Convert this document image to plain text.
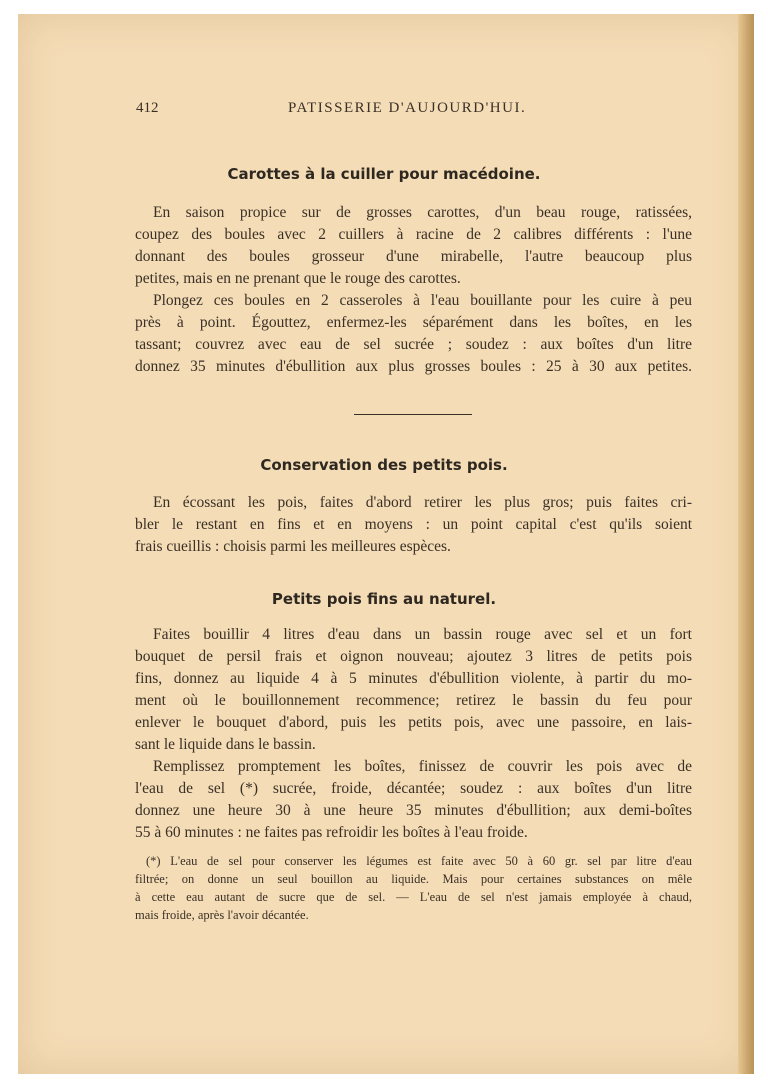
412	PATISSERIE D'AUJOURD'HUI.
Carottes à la cuiller pour macédoine.
En saison propice sur de grosses carottes, d'un beau rouge, ratissées,
coupez des boules avec 2 cuillers à racine de 2 calibres différents : l'une
donnant des boules grosseur d'une mirabelle, l'autre beaucoup plus
petites, mais en ne prenant que le rouge des carottes.
Plongez ces boules en 2 casseroles à l'eau bouillante pour les cuire à peu
près à point. Égouttez, enfermez-les séparément dans les boîtes, en les
tassant; couvrez avec eau de sel sucrée ; soudez : aux boîtes d'un litre
donnez 35 minutes d'ébullition aux plus grosses boules : 25 à 30 aux petites.
Conservation des petits pois.
En écossant les pois, faites d'abord retirer les plus gros; puis faites cri-
bler le restant en fins et en moyens : un point capital c'est qu'ils soient
frais cueillis : choisis parmi les meilleures espèces.
Petits pois fins au naturel.
Faites bouillir 4 litres d'eau dans un bassin rouge avec sel et un fort
bouquet de persil frais et oignon nouveau; ajoutez 3 litres de petits pois
fins, donnez au liquide 4 à 5 minutes d'ébullition violente, à partir du mo-
ment où le bouillonnement recommence; retirez le bassin du feu pour
enlever le bouquet d'abord, puis les petits pois, avec une passoire, en lais-
sant le liquide dans le bassin.
Remplissez promptement les boîtes, finissez de couvrir les pois avec de
l'eau de sel (*) sucrée, froide, décantée; soudez : aux boîtes d'un litre
donnez une heure 30 à une heure 35 minutes d'ébullition; aux demi-boîtes
55 à 60 minutes : ne faites pas refroidir les boîtes à l'eau froide.
(*) L'eau de sel pour conserver les légumes est faite avec 50 à 60 gr. sel par litre d'eau
filtrée; on donne un seul bouillon au liquide. Mais pour certaines substances on mêle
à cette eau autant de sucre que de sel. — L'eau de sel n'est jamais employée à chaud,
mais froide, après l'avoir décantée.
